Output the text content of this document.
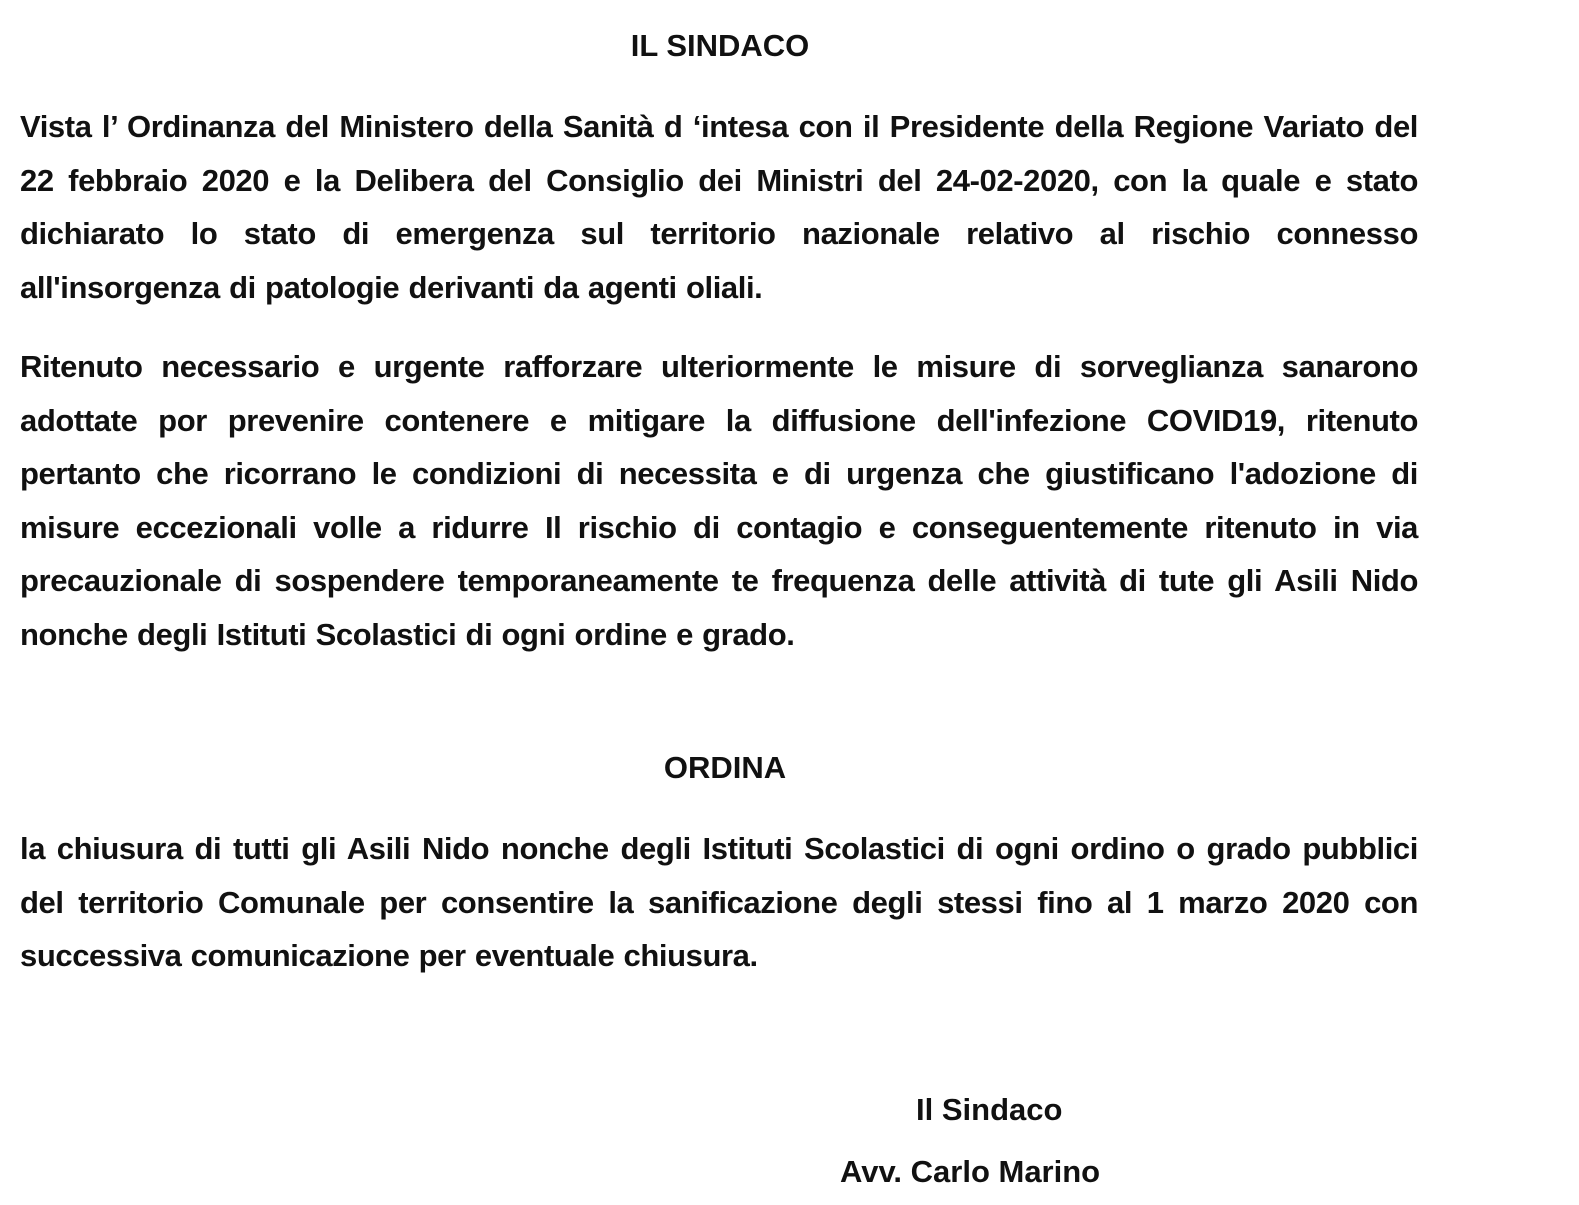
IL SINDACO
Vista l’ Ordinanza del Ministero della Sanità d ‘intesa con il Presidente della Regione Variato del 22 febbraio 2020 e la Delibera del Consiglio dei Ministri del 24-02-2020, con la quale e stato dichiarato lo stato di emergenza sul territorio nazionale relativo al rischio connesso all'insorgenza di patologie derivanti da agenti oliali.
Ritenuto necessario e urgente rafforzare ulteriormente le misure di sorveglianza sanarono adottate por prevenire contenere e mitigare la diffusione dell'infezione COVID19, ritenuto pertanto che ricorrano le condizioni di necessita e di urgenza che giustificano l'adozione di misure eccezionali volle a ridurre Il rischio di contagio e conseguentemente ritenuto in via precauzionale di sospendere temporaneamente te frequenza delle attività di tute gli Asili Nido nonche degli Istituti Scolastici di ogni ordine e grado.
ORDINA
la chiusura di tutti gli Asili Nido nonche degli Istituti Scolastici di ogni ordino o grado pubblici del territorio Comunale per consentire la sanificazione degli stessi fino al 1 marzo 2020 con successiva comunicazione per eventuale chiusura.
Il Sindaco
Avv. Carlo Marino
